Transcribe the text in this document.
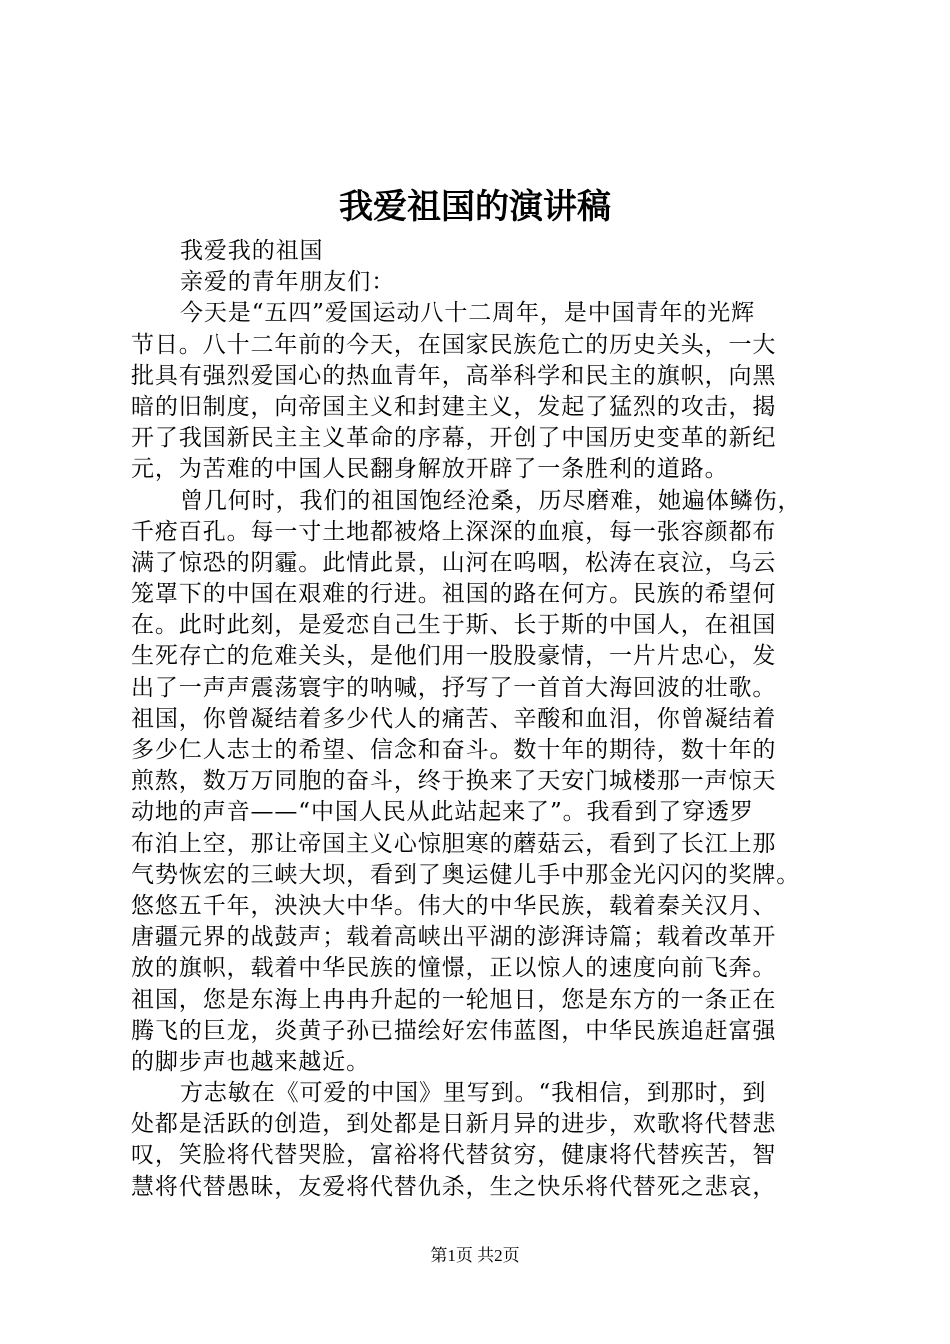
我爱祖国的演讲稿
我爱我的祖国
亲爱的青年朋友们：
今天是“五四”爱国运动八十二周年，是中国青年的光辉
节日。八十二年前的今天，在国家民族危亡的历史关头，一大
批具有强烈爱国心的热血青年，高举科学和民主的旗帜，向黑
暗的旧制度，向帝国主义和封建主义，发起了猛烈的攻击，揭
开了我国新民主主义革命的序幕，开创了中国历史变革的新纪
元，为苦难的中国人民翻身解放开辟了一条胜利的道路。
曾几何时，我们的祖国饱经沧桑，历尽磨难，她遍体鳞伤，
千疮百孔。每一寸土地都被烙上深深的血痕，每一张容颜都布
满了惊恐的阴霾。此情此景，山河在呜咽，松涛在哀泣，乌云
笼罩下的中国在艰难的行进。祖国的路在何方。民族的希望何
在。此时此刻，是爱恋自己生于斯、长于斯的中国人，在祖国
生死存亡的危难关头，是他们用一股股豪情，一片片忠心，发
出了一声声震荡寰宇的呐喊，抒写了一首首大海回波的壮歌。
祖国，你曾凝结着多少代人的痛苦、辛酸和血泪，你曾凝结着
多少仁人志士的希望、信念和奋斗。数十年的期待，数十年的
煎熬，数万万同胞的奋斗，终于换来了天安门城楼那一声惊天
动地的声音——“中国人民从此站起来了”。我看到了穿透罗
布泊上空，那让帝国主义心惊胆寒的蘑菇云，看到了长江上那
气势恢宏的三峡大坝，看到了奥运健儿手中那金光闪闪的奖牌。
悠悠五千年，泱泱大中华。伟大的中华民族，载着秦关汉月、
唐疆元界的战鼓声；载着高峡出平湖的澎湃诗篇；载着改革开
放的旗帜，载着中华民族的憧憬，正以惊人的速度向前飞奔。
祖国，您是东海上冉冉升起的一轮旭日，您是东方的一条正在
腾飞的巨龙，炎黄子孙已描绘好宏伟蓝图，中华民族追赶富强
的脚步声也越来越近。
方志敏在《可爱的中国》里写到。“我相信，到那时，到
处都是活跃的创造，到处都是日新月异的进步，欢歌将代替悲
叹，笑脸将代替哭脸，富裕将代替贫穷，健康将代替疾苦，智
慧将代替愚昧，友爱将代替仇杀，生之快乐将代替死之悲哀，
第1页 共2页
